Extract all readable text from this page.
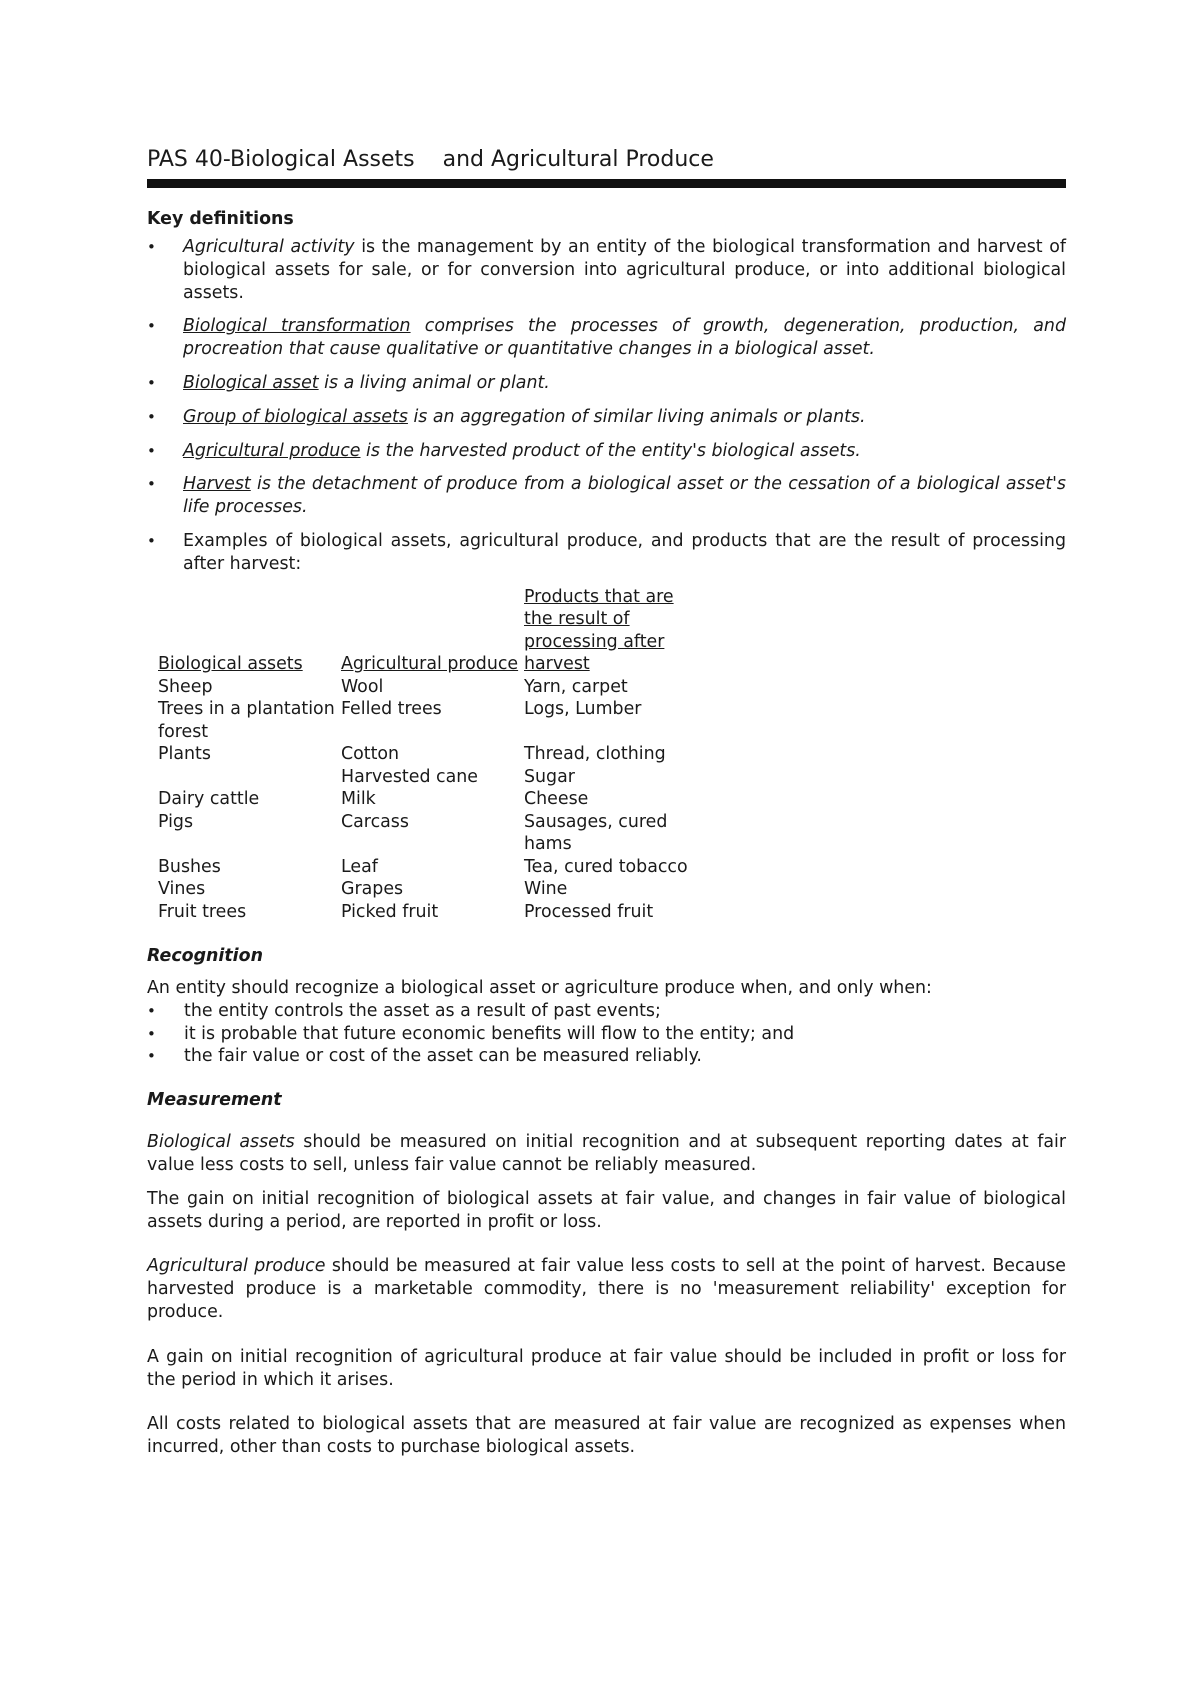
PAS 40-Biological Assets    and Agricultural Produce
Key definitions
• Agricultural activity is the management by an entity of the biological transformation and harvest of biological assets for sale, or for conversion into agricultural produce, or into additional biological assets.
• Biological transformation comprises the processes of growth, degeneration, production, and procreation that cause qualitative or quantitative changes in a biological asset.
• Biological asset is a living animal or plant.
• Group of biological assets is an aggregation of similar living animals or plants.
• Agricultural produce is the harvested product of the entity's biological assets.
• Harvest is the detachment of produce from a biological asset or the cessation of a biological asset's life processes.
• Examples of biological assets, agricultural produce, and products that are the result of processing after harvest:
Biological assets	Agricultural produce	Products that are the result of processing after harvest
Sheep	Wool	Yarn, carpet
Trees in a plantation forest	Felled trees	Logs, Lumber
Plants	Cotton	Thread, clothing
	Harvested cane	Sugar
Dairy cattle	Milk	Cheese
Pigs	Carcass	Sausages, cured hams
Bushes	Leaf	Tea, cured tobacco
Vines	Grapes	Wine
Fruit trees	Picked fruit	Processed fruit
Recognition
An entity should recognize a biological asset or agriculture produce when, and only when:
• the entity controls the asset as a result of past events;
• it is probable that future economic benefits will flow to the entity; and
• the fair value or cost of the asset can be measured reliably.
Measurement

Biological assets should be measured on initial recognition and at subsequent reporting dates at fair value less costs to sell, unless fair value cannot be reliably measured.

The gain on initial recognition of biological assets at fair value, and changes in fair value of biological assets during a period, are reported in profit or loss.

Agricultural produce should be measured at fair value less costs to sell at the point of harvest. Because harvested produce is a marketable commodity, there is no 'measurement reliability' exception for produce.

A gain on initial recognition of agricultural produce at fair value should be included in profit or loss for the period in which it arises.

All costs related to biological assets that are measured at fair value are recognized as expenses when incurred, other than costs to purchase biological assets.
